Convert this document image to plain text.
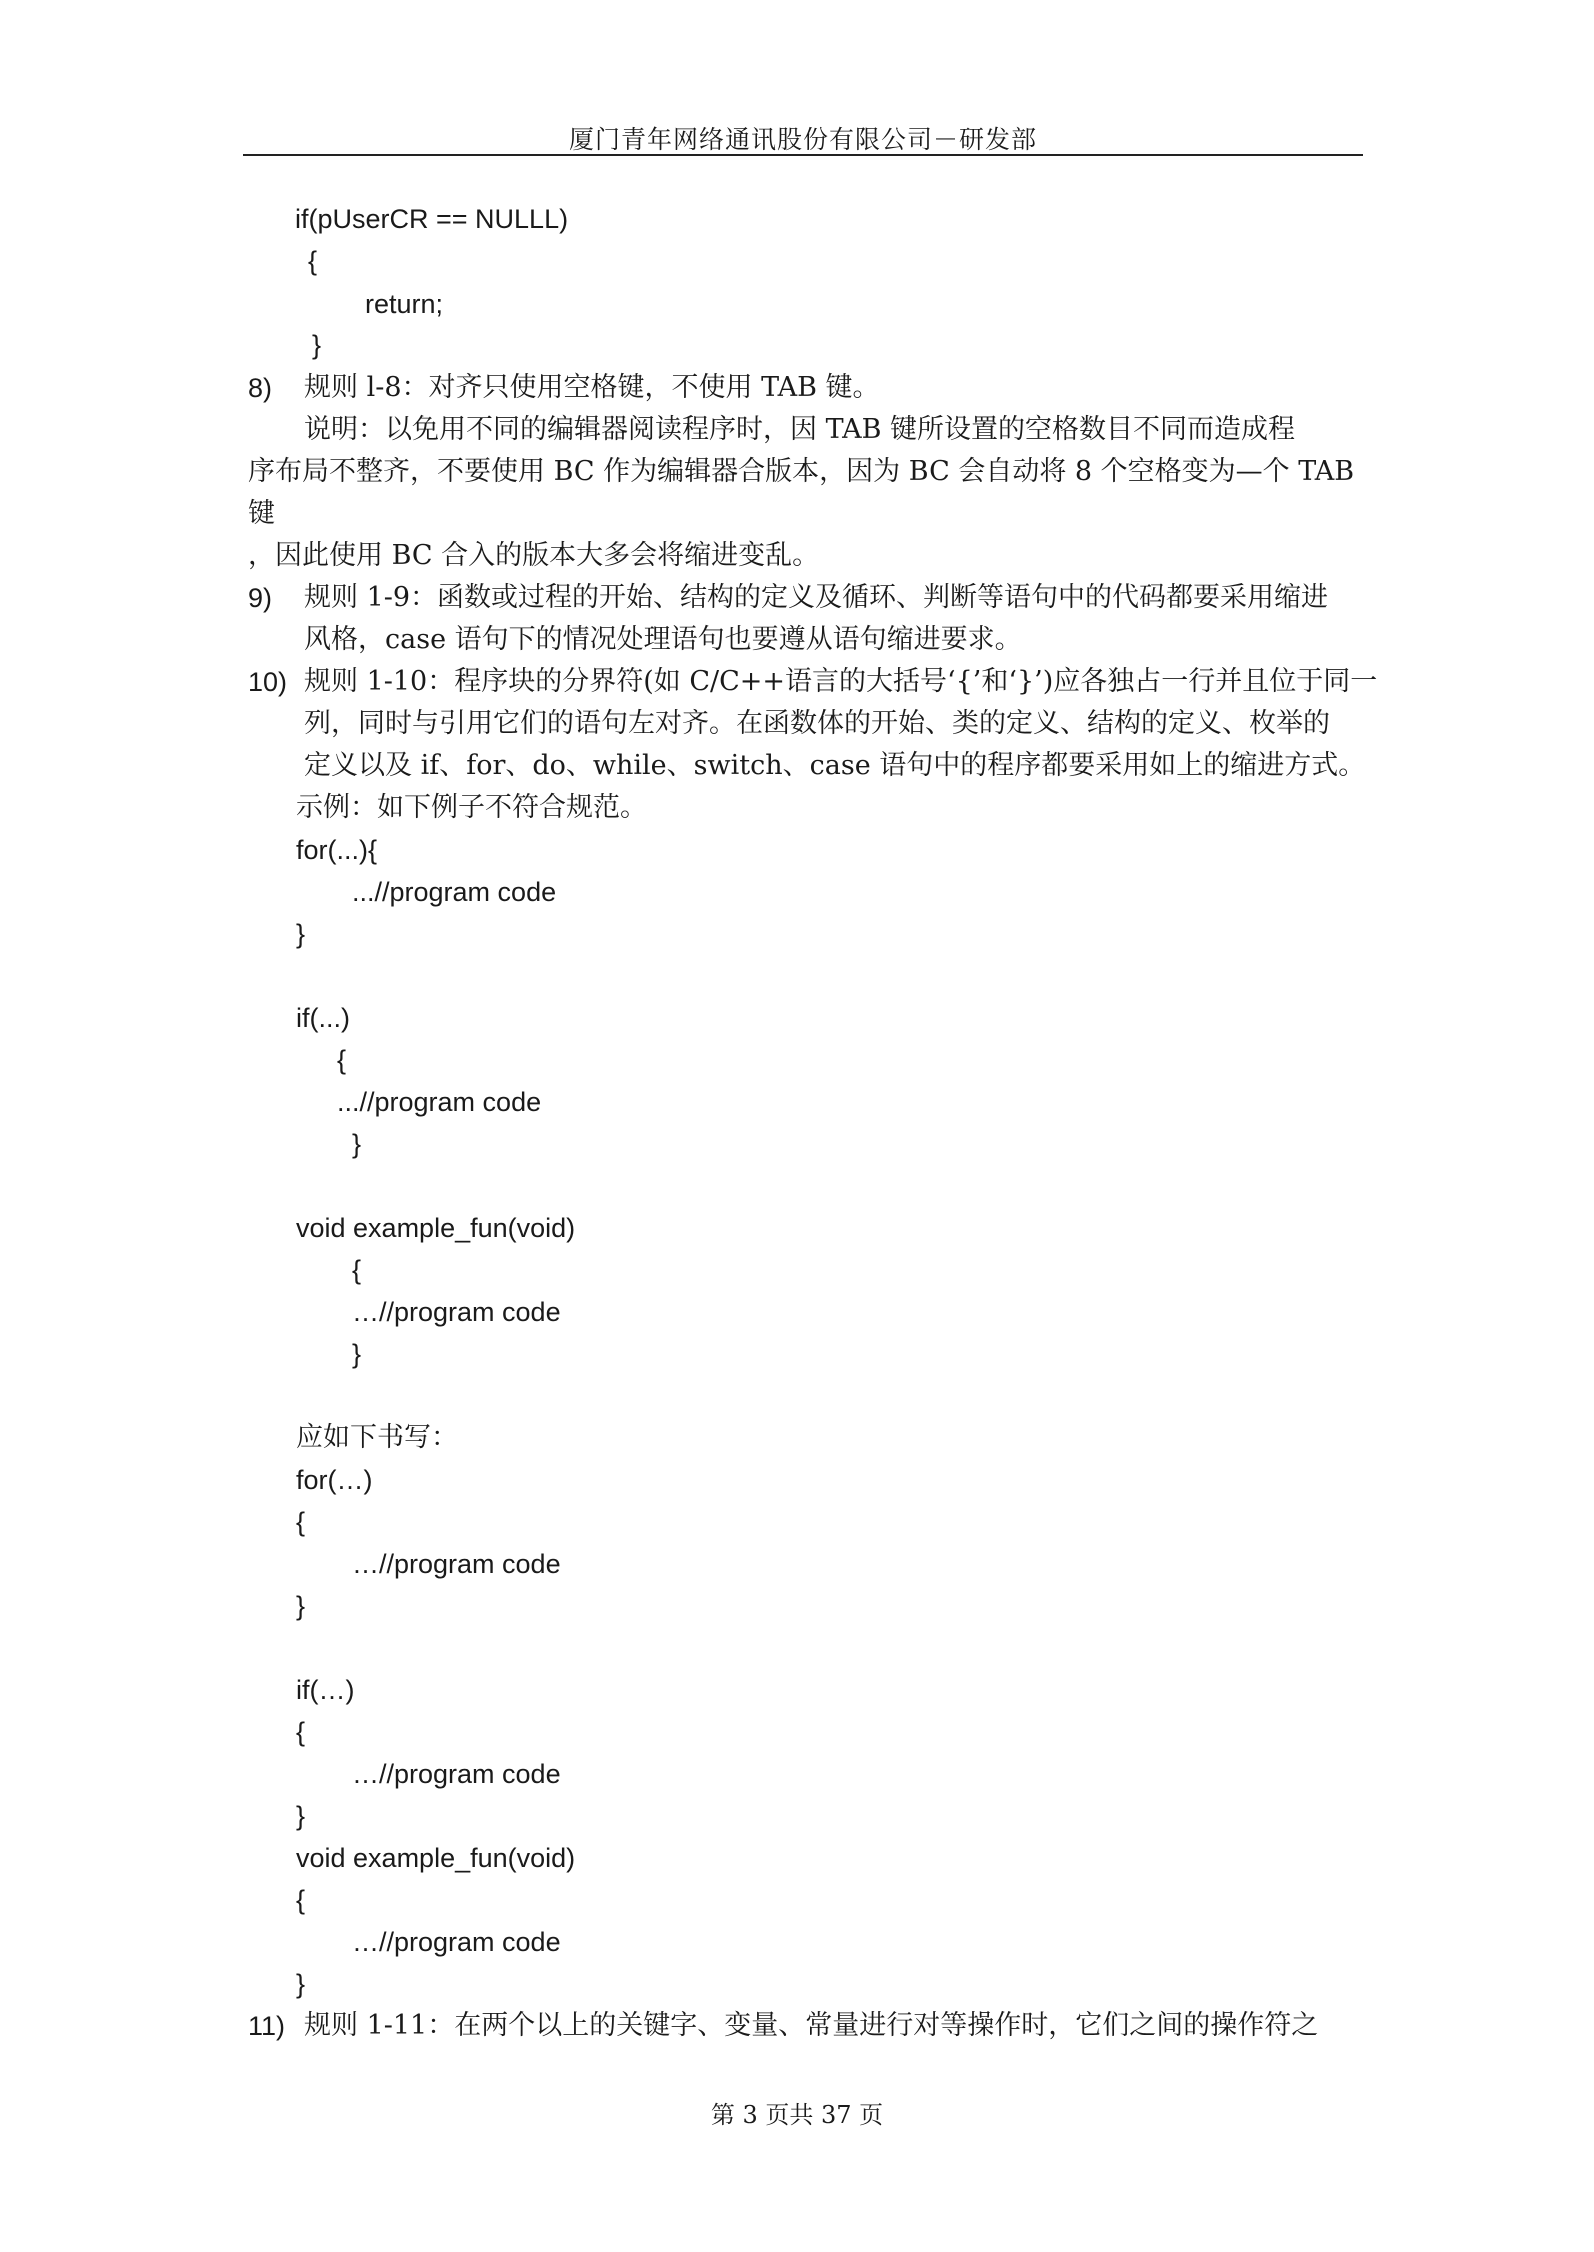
厦门青年网络通讯股份有限公司－研发部
if(pUserCR == NULLL)
{
return;
}
8) 规则 l-8：对齐只使用空格键，不使用 TAB 键。
说明：以免用不同的编辑器阅读程序时，因 TAB 键所设置的空格数目不同而造成程
序布局不整齐，不要使用 BC 作为编辑器合版本，因为 BC 会自动将 8 个空格变为—个 TAB
键
，因此使用 BC 合入的版本大多会将缩进变乱。
9) 规则 1-9：函数或过程的开始、结构的定义及循环、判断等语句中的代码都要采用缩进
风格，case 语句下的情况处理语句也要遵从语句缩进要求。
10) 规则 1-10：程序块的分界符(如 C/C++语言的大括号‘{’和‘}’)应各独占一行并且位于同一
列，同时与引用它们的语句左对齐。在函数体的开始、类的定义、结构的定义、枚举的
定义以及 if、for、do、while、switch、case 语句中的程序都要采用如上的缩进方式。
示例：如下例子不符合规范。
for(...){
...//program code
}
if(...)
{
...//program code
}
void example_fun(void)
{
…//program code
}
应如下书写：
for(…)
{
…//program code
}
if(…)
{
…//program code
}
void example_fun(void)
{
…//program code
}
11) 规则 1-11：在两个以上的关键字、变量、常量进行对等操作时，它们之间的操作符之
第 3 页共 37 页
